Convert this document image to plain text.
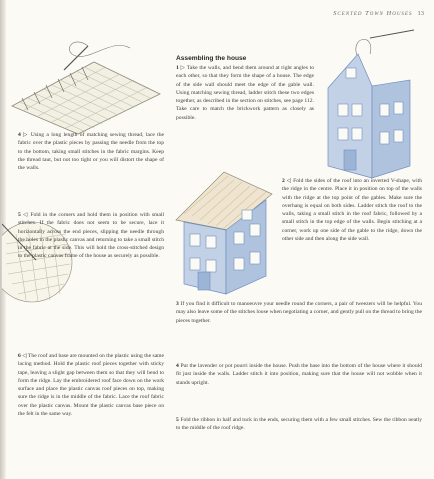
Scented Town Houses 13

4 ▷ Using a long length of matching sewing thread, lace the fabric over the plastic pieces by passing the needle from the top to the bottom, taking small stitches in the fabric margins. Keep the thread taut, but not too tight or you will distort the shape of the walls.

5 ◁ Fold in the corners and hold them in position with small stitches. If the fabric does not seem to be secure, lace it horizontally across the end pieces, slipping the needle through the holes in the plastic canvas and returning to take a small stitch in the fabric at the side. This will hold the cross-stitched design to the plastic canvas frame of the house as securely as possible.

6 ◁ The roof and base are mounted on the plastic using the same lacing method. Hold the plastic roof pieces together with sticky tape, leaving a slight gap between them so that they will bend to form the ridge. Lay the embroidered roof face down on the work surface and place the plastic canvas roof pieces on top, making sure the ridge is in the middle of the fabric. Lace the roof fabric over the plastic canvas. Mount the plastic canvas base piece on the felt in the same way.

Assembling the house

1 ▷ Take the walls, and bend them around at right angles to each other, so that they form the shape of a house. The edge of the side wall should meet the edge of the gable wall. Using matching sewing thread, ladder stitch these two edges together, as described in the section on stitches, see page 112. Take care to match the brickwork pattern as closely as possible.

2 ◁ Fold the sides of the roof into an inverted V-shape, with the ridge in the centre. Place it in position on top of the walls with the ridge at the top point of the gables. Make sure the overhang is equal on both sides. Ladder stitch the roof to the walls, taking a small stitch in the roof fabric, followed by a small stitch in the top edge of the walls. Begin stitching at a corner, work up one side of the gable to the ridge, down the other side and then along the side wall.

3 If you find it difficult to manoeuvre your needle round the corners, a pair of tweezers will be helpful. You may also leave some of the stitches loose when negotiating a corner, and gently pull on the thread to bring the pieces together.

4 Put the lavender or pot pourri inside the house. Push the base into the bottom of the house where it should fit just inside the walls. Ladder stitch it into position, making sure that the house will not wobble when it stands upright.

5 Fold the ribbon in half and tuck in the ends, securing them with a few small stitches. Sew the ribbon neatly to the middle of the roof ridge.
